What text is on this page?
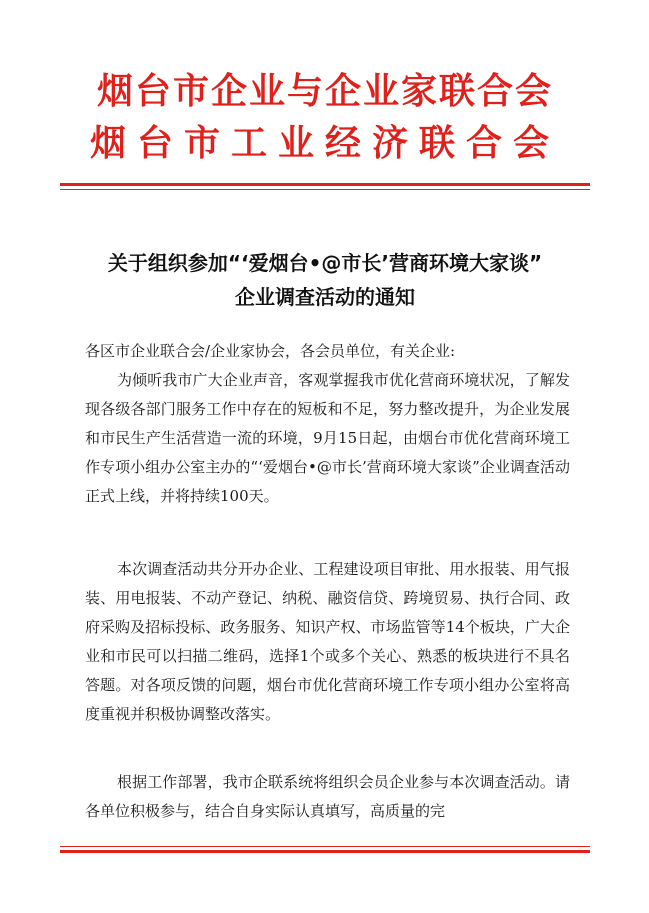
烟台市企业与企业家联合会
烟台市工业经济联合会
关于组织参加“‘爱烟台•@市长’营商环境大家谈”
企业调查活动的通知

各区市企业联合会/企业家协会，各会员单位，有关企业:

为倾听我市广大企业声音，客观掌握我市优化营商环境状况，了解发现各级各部门服务工作中存在的短板和不足，努力整改提升，为企业发展和市民生产生活营造一流的环境，9月15日起，由烟台市优化营商环境工作专项小组办公室主办的“‘爱烟台•@市长’营商环境大家谈”企业调查活动正式上线，并将持续100天。

本次调查活动共分开办企业、工程建设项目审批、用水报装、用气报装、用电报装、不动产登记、纳税、融资信贷、跨境贸易、执行合同、政府采购及招标投标、政务服务、知识产权、市场监管等14个板块，广大企业和市民可以扫描二维码，选择1个或多个关心、熟悉的板块进行不具名答题。对各项反馈的问题，烟台市优化营商环境工作专项小组办公室将高度重视并积极协调整改落实。

根据工作部署，我市企联系统将组织会员企业参与本次调查活动。请各单位积极参与，结合自身实际认真填写，高质量的完
